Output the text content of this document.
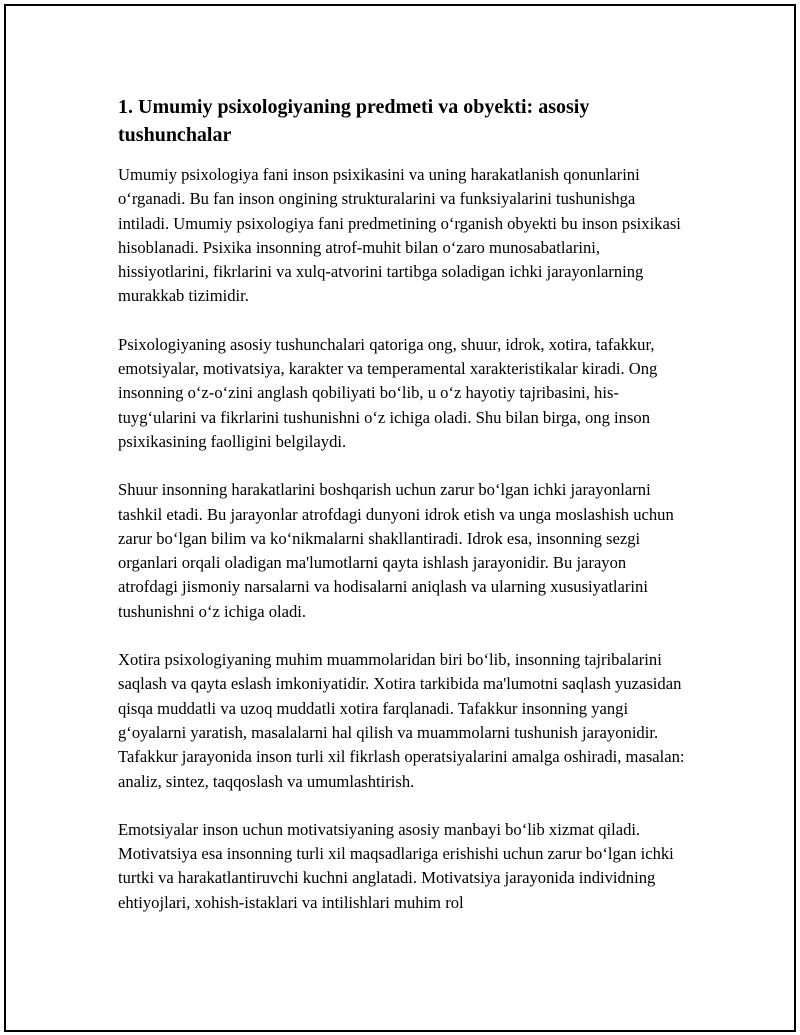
1. Umumiy psixologiyaning predmeti va obyekti: asosiy tushunchalar

Umumiy psixologiya fani inson psixikasini va uning harakatlanish qonunlarini o‘rganadi. Bu fan inson ongining strukturalarini va funksiyalarini tushunishga intiladi. Umumiy psixologiya fani predmetining o‘rganish obyekti bu inson psixikasi hisoblanadi. Psixika insonning atrof-muhit bilan o‘zaro munosabatlarini, hissiyotlarini, fikrlarini va xulq-atvorini tartibga soladigan ichki jarayonlarning murakkab tizimidir.

Psixologiyaning asosiy tushunchalari qatoriga ong, shuur, idrok, xotira, tafakkur, emotsiyalar, motivatsiya, karakter va temperamental xarakteristikalar kiradi. Ong insonning o‘z-o‘zini anglash qobiliyati bo‘lib, u o‘z hayotiy tajribasini, his-tuyg‘ularini va fikrlarini tushunishni o‘z ichiga oladi. Shu bilan birga, ong inson psixikasining faolligini belgilaydi.

Shuur insonning harakatlarini boshqarish uchun zarur bo‘lgan ichki jarayonlarni tashkil etadi. Bu jarayonlar atrofdagi dunyoni idrok etish va unga moslashish uchun zarur bo‘lgan bilim va ko‘nikmalarni shakllantiradi. Idrok esa, insonning sezgi organlari orqali oladigan ma'lumotlarni qayta ishlash jarayonidir. Bu jarayon atrofdagi jismoniy narsalarni va hodisalarni aniqlash va ularning xususiyatlarini tushunishni o‘z ichiga oladi.

Xotira psixologiyaning muhim muammolaridan biri bo‘lib, insonning tajribalarini saqlash va qayta eslash imkoniyatidir. Xotira tarkibida ma'lumotni saqlash yuzasidan qisqa muddatli va uzoq muddatli xotira farqlanadi. Tafakkur insonning yangi g‘oyalarni yaratish, masalalarni hal qilish va muammolarni tushunish jarayonidir. Tafakkur jarayonida inson turli xil fikrlash operatsiyalarini amalga oshiradi, masalan: analiz, sintez, taqqoslash va umumlashtirish.

Emotsiyalar inson uchun motivatsiyaning asosiy manbayi bo‘lib xizmat qiladi. Motivatsiya esa insonning turli xil maqsadlariga erishishi uchun zarur bo‘lgan ichki turtki va harakatlantiruvchi kuchni anglatadi. Motivatsiya jarayonida individning ehtiyojlari, xohish-istaklari va intilishlari muhim rol
